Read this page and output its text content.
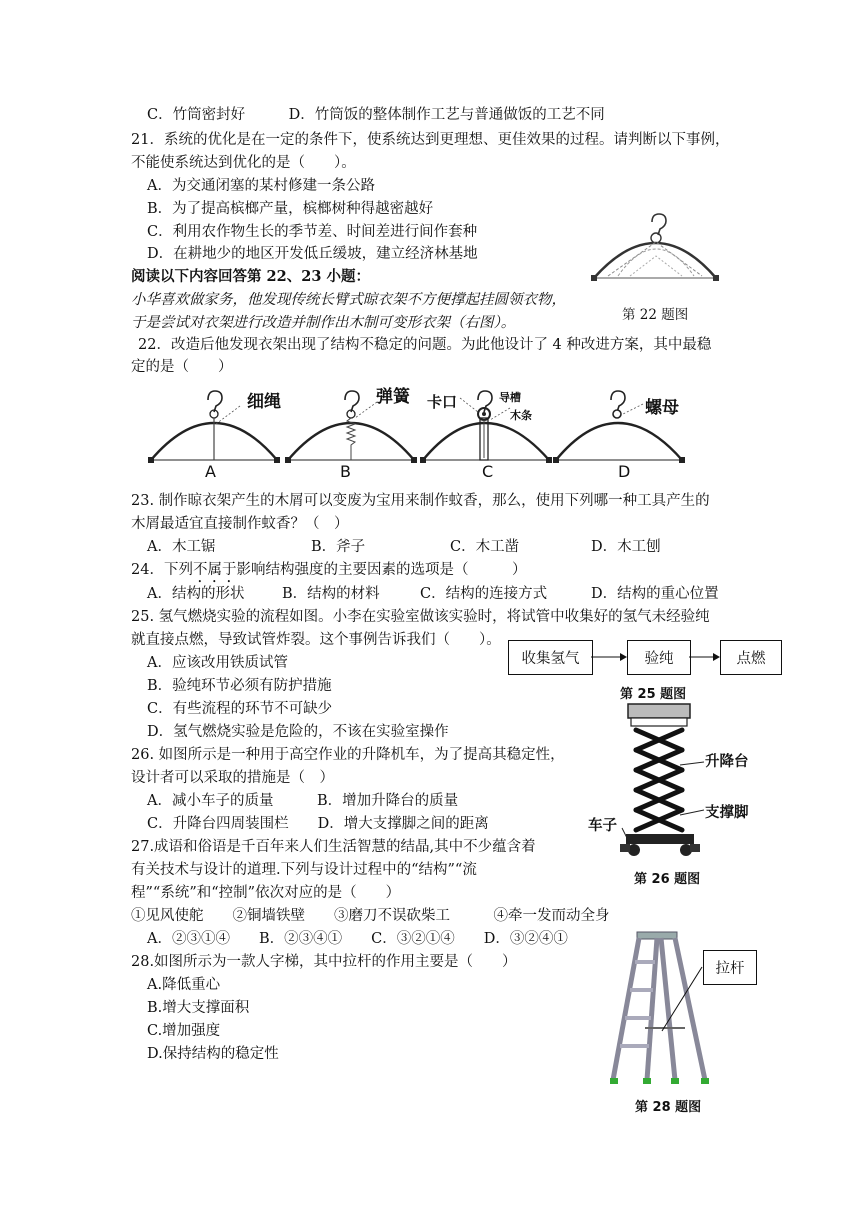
C．竹筒密封好　　　D．竹筒饭的整体制作工艺与普通做饭的工艺不同
21．系统的优化是在一定的条件下，使系统达到更理想、更佳效果的过程。请判断以下事例，
不能使系统达到优化的是（　　）。
A．为交通闭塞的某村修建一条公路
B．为了提高槟榔产量，槟榔树种得越密越好
C．利用农作物生长的季节差、时间差进行间作套种
D．在耕地少的地区开发低丘缓坡，建立经济林基地
阅读以下内容回答第 22、23 小题：
小华喜欢做家务，他发现传统长臂式晾衣架不方便撑起挂圆领衣物，
于是尝试对衣架进行改造并制作出木制可变形衣架（右图）。
22．改造后他发现衣架出现了结构不稳定的问题。为此他设计了 4 种改进方案，其中最稳
定的是（　　）
23. 制作晾衣架产生的木屑可以变废为宝用来制作蚊香，那么，使用下列哪一种工具产生的
木屑最适宜直接制作蚊香？（　）
A．木工锯	B．斧子	C．木工凿	D．木工刨
24．下列不属于影响结构强度的主要因素的选项是（　　　）
A．结构的形状	B．结构的材料	C．结构的连接方式	D．结构的重心位置
25. 氢气燃烧实验的流程如图。小李在实验室做该实验时，将试管中收集好的氢气未经验纯
就直接点燃，导致试管炸裂。这个事例告诉我们（　　）。
A．应该改用铁质试管
B．验纯环节必须有防护措施
C．有些流程的环节不可缺少
D．氢气燃烧实验是危险的，不该在实验室操作
26. 如图所示是一种用于高空作业的升降机车，为了提高其稳定性，
设计者可以采取的措施是（　）
A．减小车子的质量　　　B．增加升降台的质量
C．升降台四周装围栏　　D．增大支撑脚之间的距离
27.成语和俗语是千百年来人们生活智慧的结晶,其中不少蕴含着
有关技术与设计的道理.下列与设计过程中的“结构”“流
程”“系统”和“控制”依次对应的是（　　）
①见风使舵　　②铜墙铁壁　　③磨刀不误砍柴工　　　④牵一发而动全身
A．②③①④　　B．②③④①　　C．③②①④　　D．③②④①
28.如图所示为一款人字梯，其中拉杆的作用主要是（　　）
A.降低重心
B.增大支撑面积
C.增加强度
D.保持结构的稳定性
第 22 题图
细绳
A
弹簧
B
卡口	导槽
木条
C
螺母
D
收集氢气	验纯	点燃
第 25 题图
升降台
支撑脚
车子
第 26 题图
拉杆
第 28 题图
